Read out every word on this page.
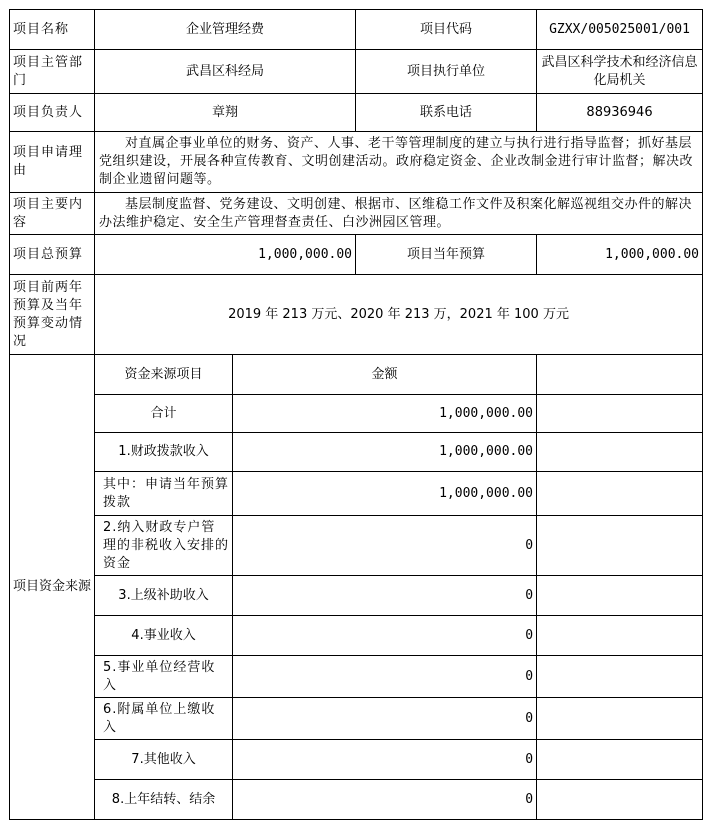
项目名称	企业管理经费		项目代码	GZXX/005025001/001
项目主管部门	武昌区科经局		项目执行单位	武昌区科学技术和经济信息化局机关
项目负责人	章翔		联系电话	88936946
项目申请理由	对直属企事业单位的财务、资产、人事、老干等管理制度的建立与执行进行指导监督；抓好基层党组织建设，开展各种宣传教育、文明创建活动。政府稳定资金、企业改制金进行审计监督；解决改制企业遗留问题等。			
项目主要内容	基层制度监督、党务建设、文明创建、根据市、区维稳工作文件及积案化解巡视组交办件的解决办法维护稳定、安全生产管理督查责任、白沙洲园区管理。			
项目总预算	1,000,000.00		项目当年预算	1,000,000.00
项目前两年预算及当年预算变动情况	2019 年 213 万元、2020 年 213 万，2021 年 100 万元			
项目资金来源	资金来源项目	金额		
	合计	1,000,000.00		
	1.财政拨款收入	1,000,000.00		
	其中：申请当年预算拨款	1,000,000.00		
	2.纳入财政专户管理的非税收入安排的资金	0		
	3.上级补助收入	0		
	4.事业收入	0		
	5.事业单位经营收入	0		
	6.附属单位上缴收入	0		
	7.其他收入	0		
	8.上年结转、结余	0		
